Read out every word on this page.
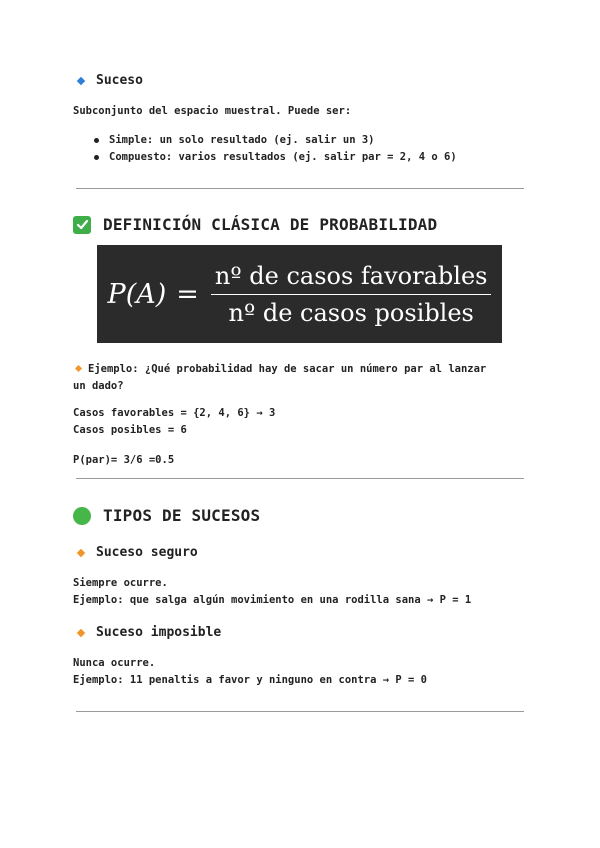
Suceso
Subconjunto del espacio muestral. Puede ser:
Simple: un solo resultado (ej. salir un 3)
Compuesto: varios resultados (ej. salir par = 2, 4 o 6)
DEFINICIÓN CLÁSICA DE PROBABILIDAD
$P(A) = \frac{\text{nº de casos favorables}}{\text{nº de casos posibles}}$
Ejemplo: ¿Qué probabilidad hay de sacar un número par al lanzar
un dado?
Casos favorables = {2, 4, 6} → 3
Casos posibles = 6
P(par)= 3/6 =0.5
TIPOS DE SUCESOS
Suceso seguro
Siempre ocurre.
Ejemplo: que salga algún movimiento en una rodilla sana → P = 1
Suceso imposible
Nunca ocurre.
Ejemplo: 11 penaltis a favor y ninguno en contra → P = 0
